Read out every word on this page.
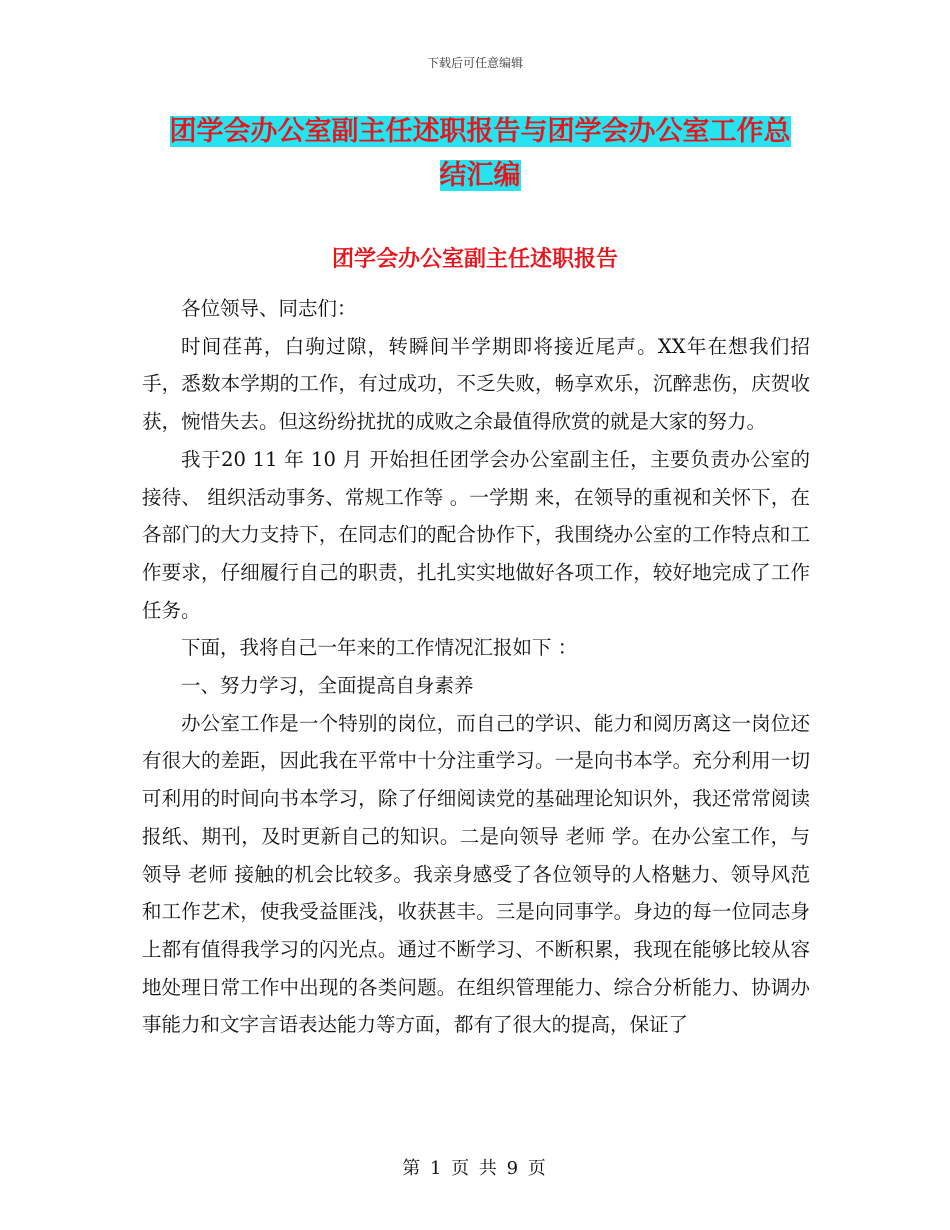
下载后可任意编辑
团学会办公室副主任述职报告与团学会办公室工作总
结汇编
团学会办公室副主任述职报告

各位领导、同志们：

时间荏苒，白驹过隙，转瞬间半学期即将接近尾声。XX年在想我们招手，悉数本学期的工作，有过成功，不乏失败，畅享欢乐，沉醉悲伤，庆贺收获，惋惜失去。但这纷纷扰扰的成败之余最值得欣赏的就是大家的努力。

我于20 11 年 10 月 开始担任团学会办公室副主任，主要负责办公室的接待、 组织活动事务、常规工作等 。一学期 来，在领导的重视和关怀下，在各部门的大力支持下，在同志们的配合协作下，我围绕办公室的工作特点和工作要求，仔细履行自己的职责，扎扎实实地做好各项工作，较好地完成了工作任务。

下面，我将自己一年来的工作情况汇报如下 ：

一、努力学习，全面提高自身素养

办公室工作是一个特别的岗位，而自己的学识、能力和阅历离这一岗位还有很大的差距，因此我在平常中十分注重学习。一是向书本学。充分利用一切可利用的时间向书本学习，除了仔细阅读党的基础理论知识外，我还常常阅读报纸、期刊，及时更新自己的知识。二是向领导 老师 学。在办公室工作，与领导 老师 接触的机会比较多。我亲身感受了各位领导的人格魅力、领导风范和工作艺术，使我受益匪浅，收获甚丰。三是向同事学。身边的每一位同志身上都有值得我学习的闪光点。通过不断学习、不断积累，我现在能够比较从容地处理日常工作中出现的各类问题。在组织管理能力、综合分析能力、协调办事能力和文字言语表达能力等方面，都有了很大的提高，保证了

第 1 页 共 9 页
